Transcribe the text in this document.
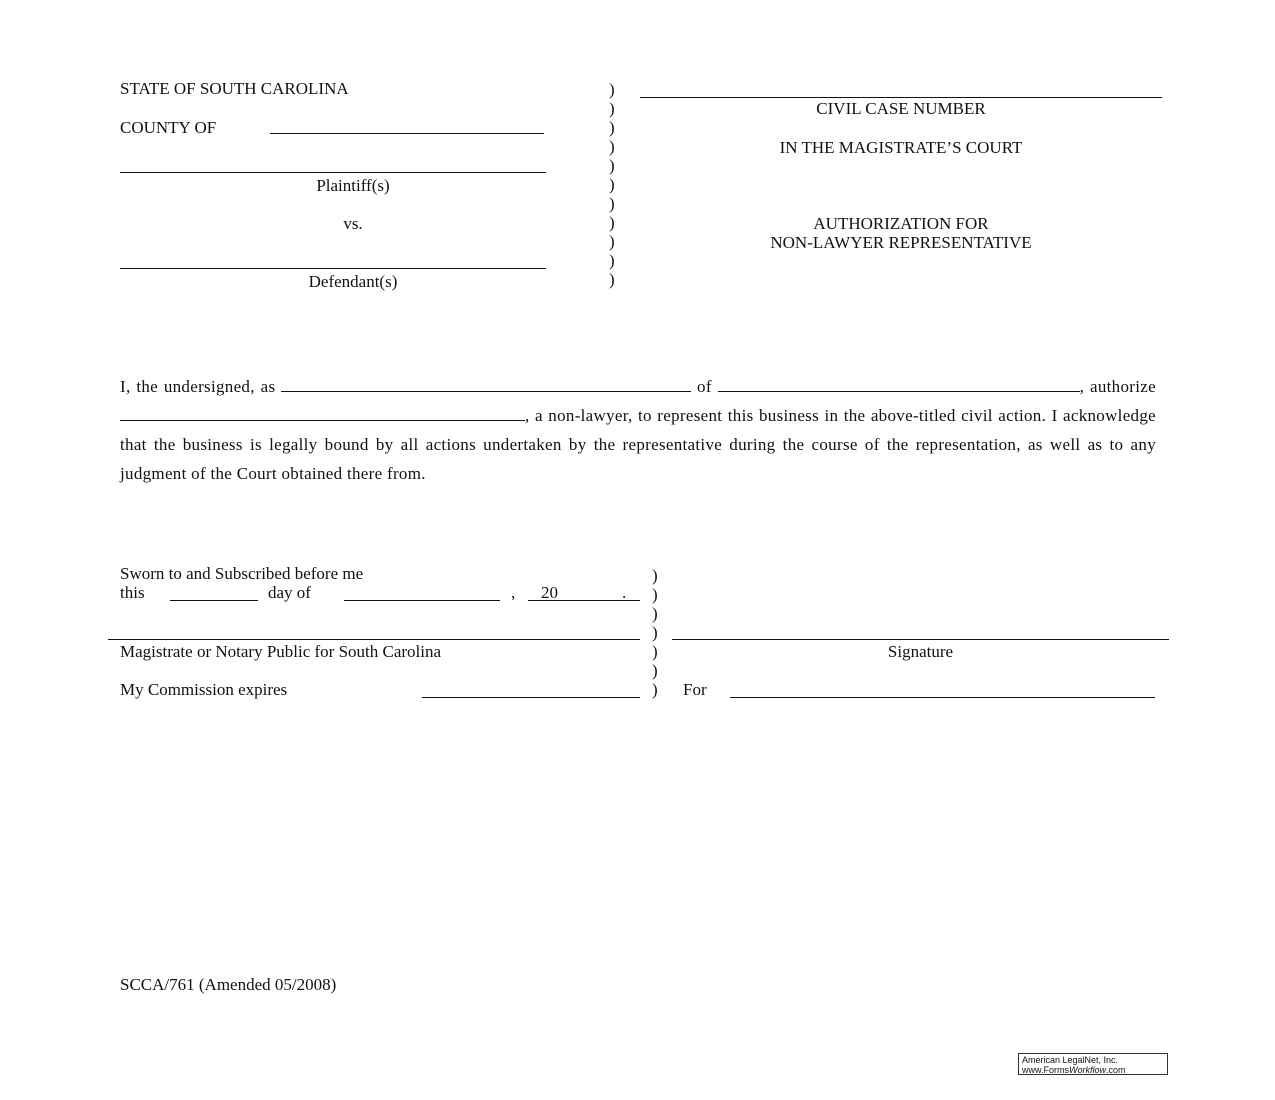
STATE OF SOUTH CAROLINA
COUNTY OF
Plaintiff(s)
vs.
Defendant(s)
)
)
)
)
)
)
)
)
)
)
)
CIVIL CASE NUMBER
IN THE MAGISTRATE’S COURT
AUTHORIZATION FOR
NON-LAWYER REPRESENTATIVE
I, the undersigned, as	of	, authorize , a non-lawyer, to represent this business in the above-titled civil action. I acknowledge that the business is legally bound by all actions undertaken by the representative during the course of the representation, as well as to any judgment of the Court obtained there from.
Sworn to and Subscribed before me
this	day of	, 20	.
Magistrate or Notary Public for South Carolina
My Commission expires
)
)
)
)
)
)
)
Signature
For
SCCA/761 (Amended 05/2008)
American LegalNet, Inc.
www.FormsWorkflow.com
